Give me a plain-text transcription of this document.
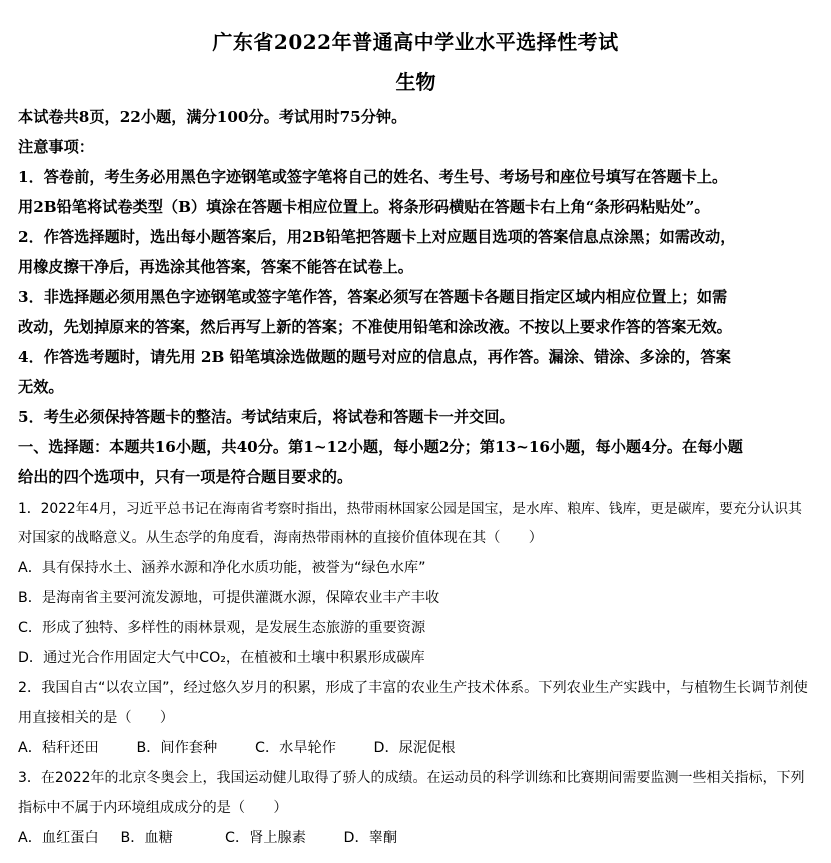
广东省2022年普通高中学业水平选择性考试
生物
本试卷共8页，22小题，满分100分。考试用时75分钟。
注意事项：
1．答卷前，考生务必用黑色字迹钢笔或签字笔将自己的姓名、考生号、考场号和座位号填写在答题卡上。
用2B铅笔将试卷类型（B）填涂在答题卡相应位置上。将条形码横贴在答题卡右上角“条形码粘贴处”。
2．作答选择题时，选出每小题答案后，用2B铅笔把答题卡上对应题目选项的答案信息点涂黑；如需改动，
用橡皮擦干净后，再选涂其他答案，答案不能答在试卷上。
3．非选择题必须用黑色字迹钢笔或签字笔作答，答案必须写在答题卡各题目指定区域内相应位置上；如需
改动，先划掉原来的答案，然后再写上新的答案；不准使用铅笔和涂改液。不按以上要求作答的答案无效。
4．作答选考题时，请先用 2B 铅笔填涂选做题的题号对应的信息点，再作答。漏涂、错涂、多涂的，答案
无效。
5．考生必须保持答题卡的整洁。考试结束后，将试卷和答题卡一并交回。
一、选择题：本题共16小题，共40分。第1~12小题，每小题2分；第13~16小题，每小题4分。在每小题
给出的四个选项中，只有一项是符合题目要求的。
1．2022年4月，习近平总书记在海南省考察时指出，热带雨林国家公园是国宝，是水库、粮库、钱库，更是碳库，要充分认识其
对国家的战略意义。从生态学的角度看，海南热带雨林的直接价值体现在其（　　）
A．具有保持水土、涵养水源和净化水质功能，被誉为“绿色水库”
B．是海南省主要河流发源地，可提供灌溉水源，保障农业丰产丰收
C．形成了独特、多样性的雨林景观，是发展生态旅游的重要资源
D．通过光合作用固定大气中CO₂，在植被和土壤中积累形成碳库
2．我国自古“以农立国”，经过悠久岁月的积累，形成了丰富的农业生产技术体系。下列农业生产实践中，与植物生长调节剂使
用直接相关的是（　　）
A．秸秆还田	B．间作套种	C．水旱轮作	D．尿泥促根
3．在2022年的北京冬奥会上，我国运动健儿取得了骄人的成绩。在运动员的科学训练和比赛期间需要监测一些相关指标，下列
指标中不属于内环境组成成分的是（　　）
A．血红蛋白 B．血糖	C．肾上腺素	D．睾酮
